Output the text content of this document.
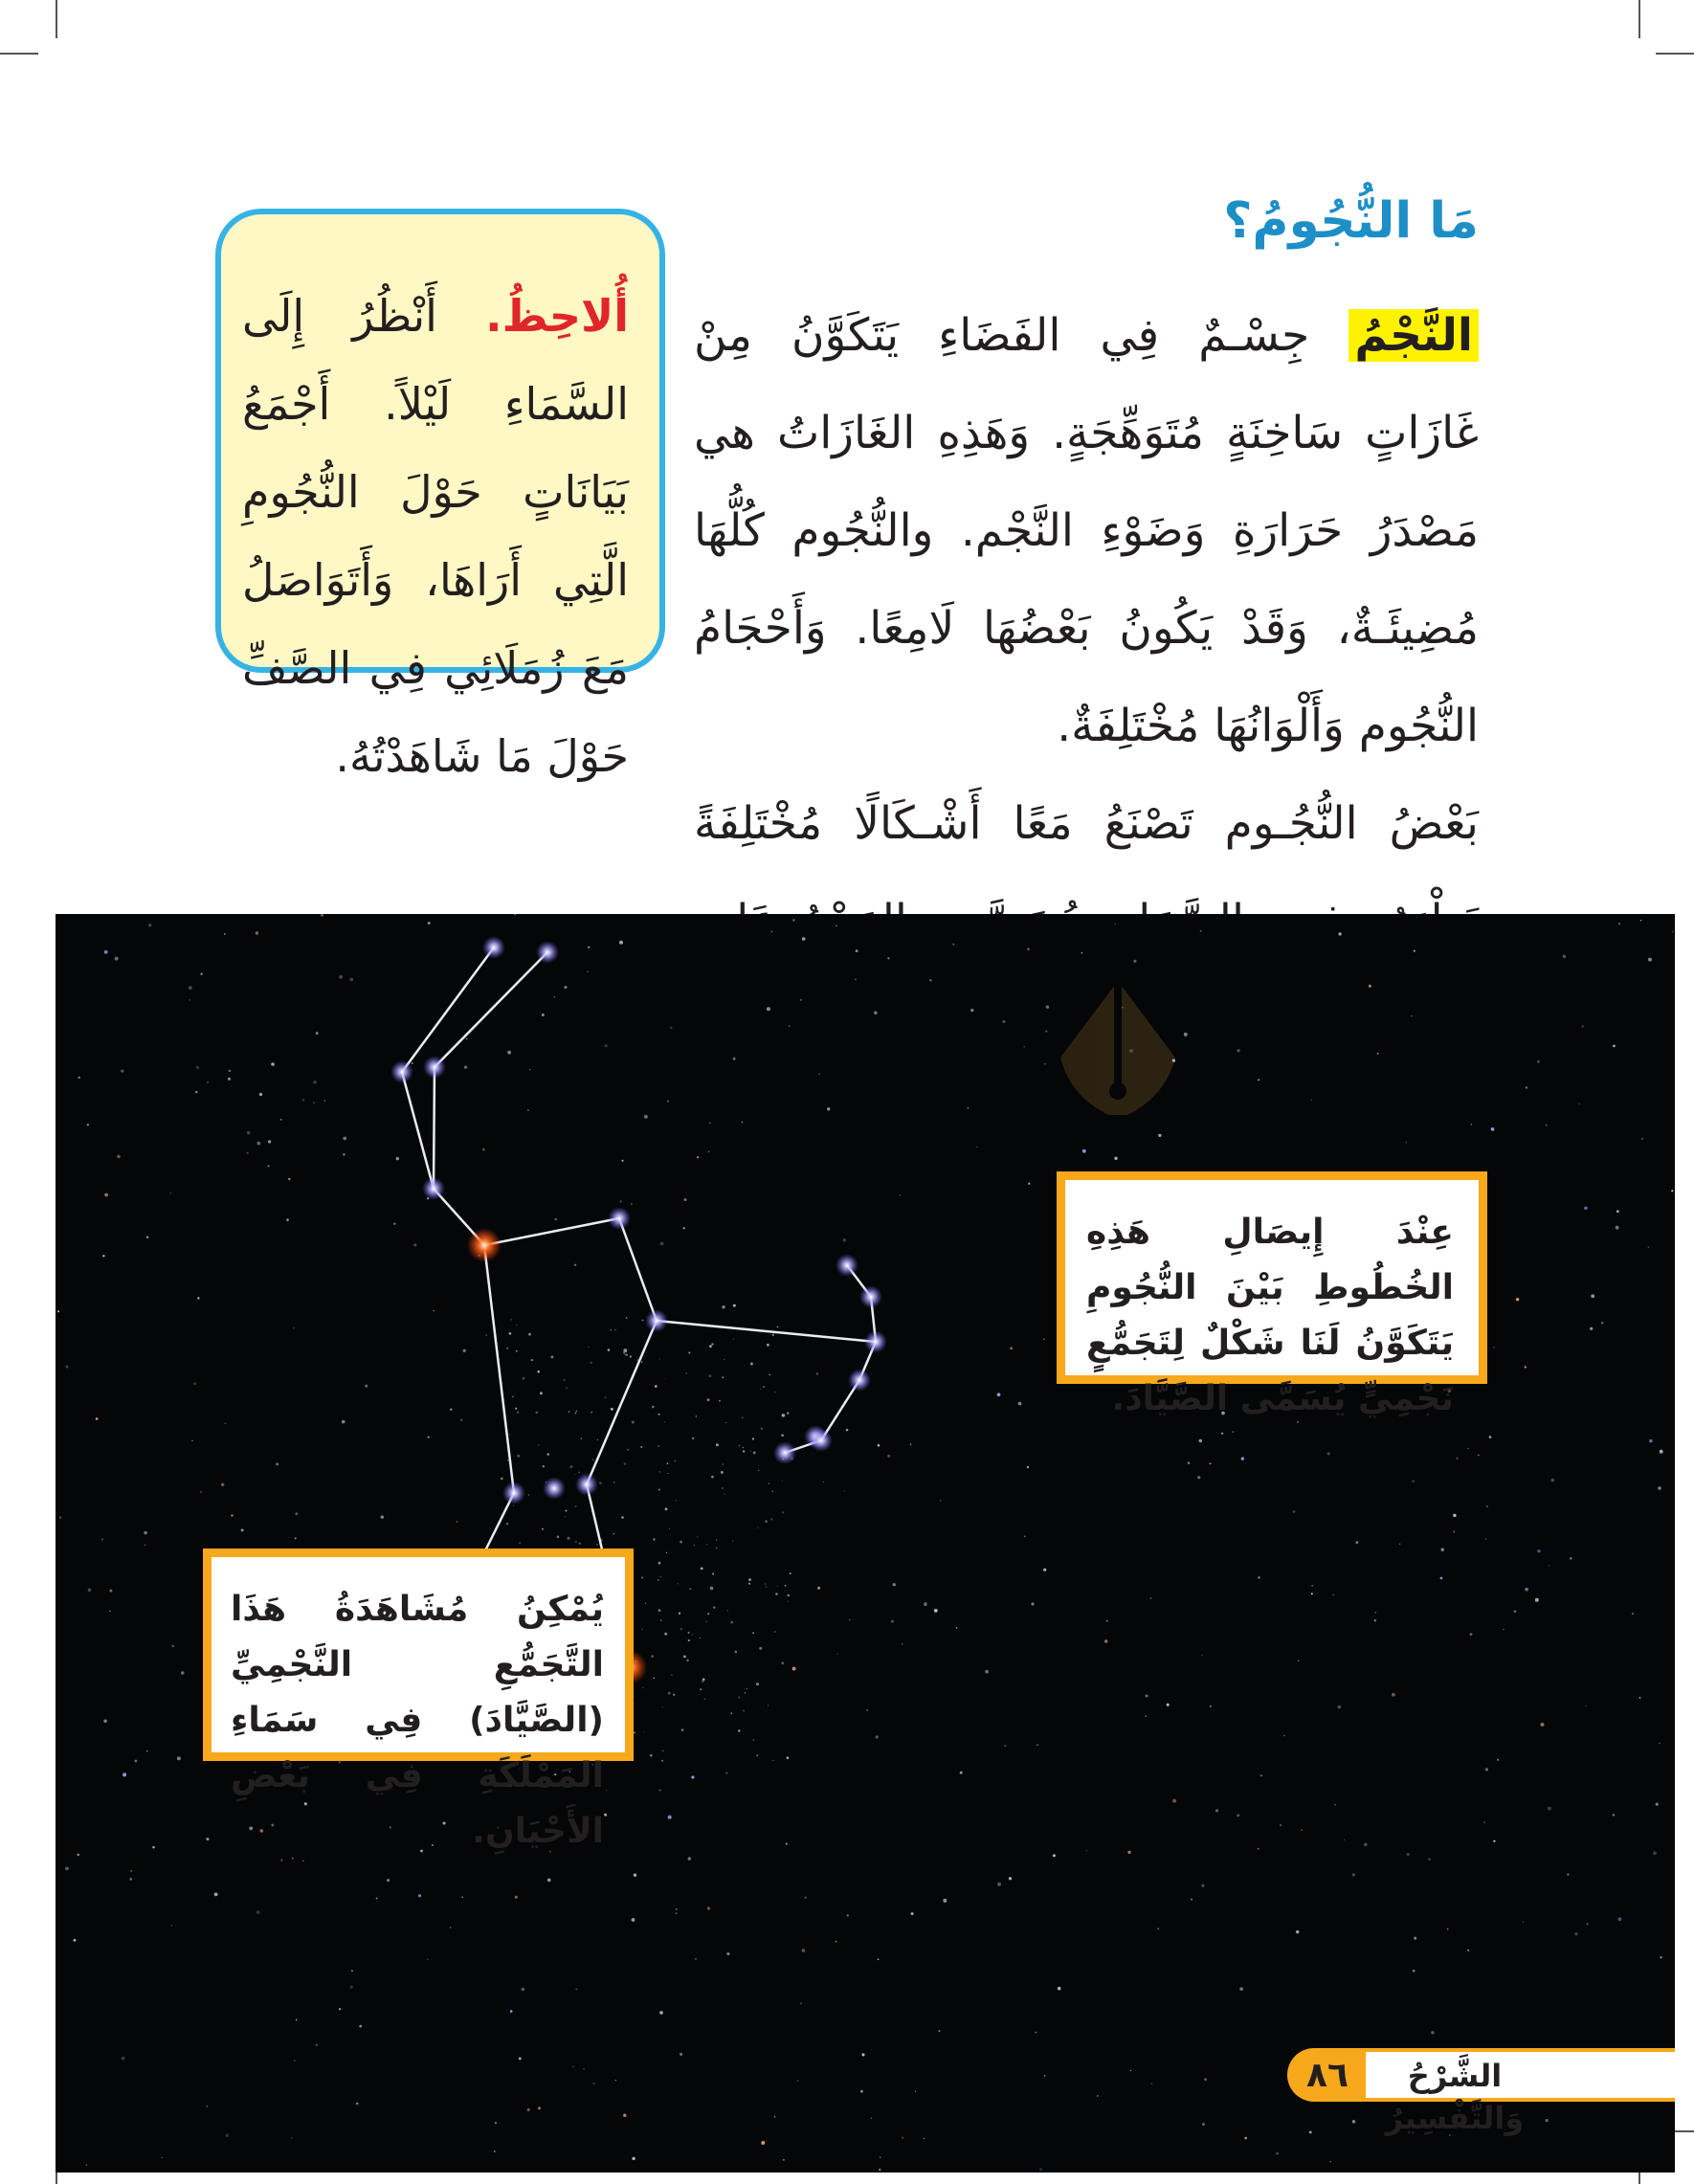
مَا النُّجُومُ؟

النَّجْمُ جِسْـمٌ فِي الفَضَاءِ يَتَكَوَّنُ مِنْ غَازَاتٍ سَاخِنَةٍ مُتَوَهِّجَةٍ. وَهَذِهِ الغَازَاتُ هي مَصْدَرُ حَرَارَةِ وَضَوْءِ النَّجْم. والنُّجُوم كُلُّهَا مُضِيئَـةٌ، وَقَدْ يَكُونُ بَعْضُهَا لَامِعًا. وَأَحْجَامُ النُّجُوم وَأَلْوَانُهَا مُخْتَلِفَةٌ.

بَعْضُ النُّجُـوم تَصْنَعُ مَعًا أَشْـكَالًا مُخْتَلِفَةً

أُلاحِظُ. أَنْظُرُ إِلَى السَّمَاءِ لَيْلاً. أَجْمَعُ بَيَانَاتٍ حَوْلَ النُّجُومِ الَّتِي أَرَاهَا، وَأَتَوَاصَلُ مَعَ زُمَلَائِي فِي الصَّفِّ حَوْلَ مَا شَاهَدْتُهُ.
عِنْدَ إِيصَالِ هَذِهِ الخُطُوطِ بَيْنَ النُّجُومِ يَتَكَوَّنُ لَنَا شَكْلٌ لِتَجَمُّعٍ نَجْمِيٍّ يُسَمَّى الصَّيَّادَ.
يُمْكِنُ مُشَاهَدَةُ هَذَا التَّجَمُّعِ النَّجْمِيِّ (الصَّيَّادَ) فِي سَمَاءِ المَمْلَكَةِ فِي بَعْضِ الأَحْيَانِ.
٨٦	الشَّرْحُ وَالتَّفْسِيرُ
